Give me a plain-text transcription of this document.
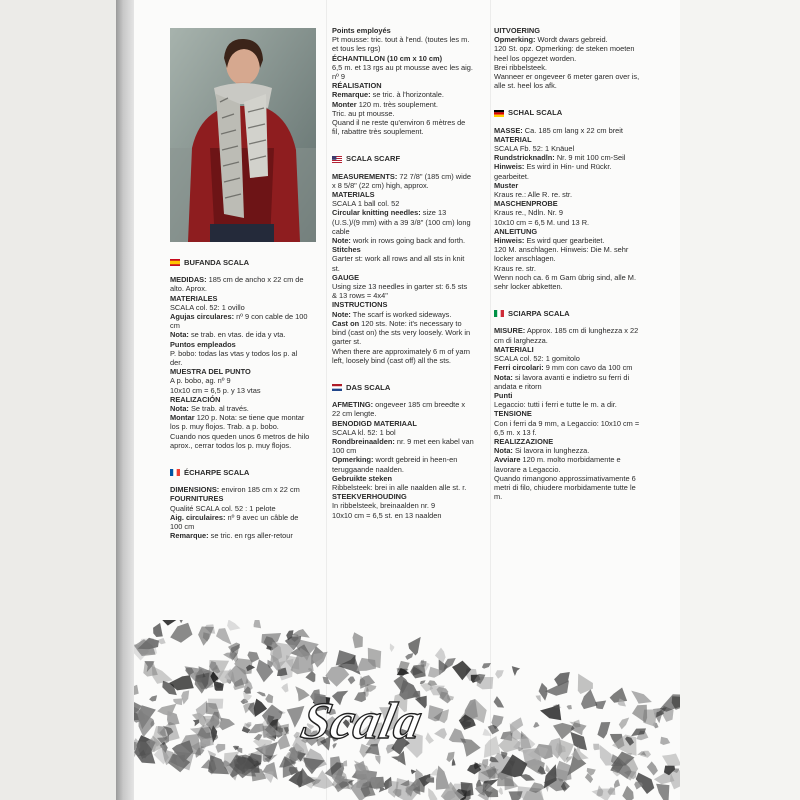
BUFANDA SCALA

MEDIDAS: 185 cm de ancho x 22 cm de alto. Aprox.

MATERIALES

SCALA col. 52: 1 ovillo

Agujas circulares: nº 9 con cable de 100 cm

Nota: se trab. en vtas. de ida y vta.

Puntos empleados

P. bobo: todas las vtas y todos los p. al der.

MUESTRA DEL PUNTO

A p. bobo, ag. nº 9

10x10 cm = 6,5 p. y 13 vtas

REALIZACIÓN

Nota: Se trab. al través.

Montar 120 p. Nota: se tiene que montar los p. muy flojos. Trab. a p. bobo.

Cuando nos queden unos 6 metros de hilo aprox., cerrar todos los p. muy flojos.

ÉCHARPE SCALA

DIMENSIONS: environ 185 cm x 22 cm

FOURNITURES

Qualité SCALA col. 52 : 1 pelote

Aig. circulaires: nº 9 avec un câble de 100 cm

Remarque: se tric. en rgs aller-retour

Points employés

Pt mousse: tric. tout à l'end. (toutes les m. et tous les rgs)

ÉCHANTILLON (10 cm x 10 cm)

6,5 m. et 13 rgs au pt mousse avec les aig. nº 9

RÉALISATION

Remarque: se tric. à l'horizontale.

Monter 120 m. très souplement.

Tric. au pt mousse.

Quand il ne reste qu'environ 6 mètres de fil, rabattre très souplement.

SCALA SCARF

MEASUREMENTS: 72 7/8" (185 cm) wide x 8 5/8" (22 cm) high, approx.

MATERIALS

SCALA 1 ball col. 52

Circular knitting needles: size 13 (U.S.)/(9 mm) with a 39 3/8" (100 cm) long cable

Note: work in rows going back and forth.

Stitches

Garter st: work all rows and all sts in knit st.

GAUGE

Using size 13 needles in garter st: 6.5 sts & 13 rows = 4x4"

INSTRUCTIONS

Note: The scarf is worked sideways.

Cast on 120 sts. Note: it's necessary to bind (cast on) the sts very loosely. Work in garter st.

When there are approximately 6 m of yarn left, loosely bind (cast off) all the sts.

DAS SCALA

AFMETING: ongeveer 185 cm breedte x 22 cm lengte.

BENODIGD MATERIAAL

SCALA kl. 52: 1 bol

Rondbreinaalden: nr. 9 met een kabel van 100 cm

Opmerking: wordt gebreid in heen-en teruggaande naalden.

Gebruikte steken

Ribbelsteek: brei in alle naalden alle st. r.

STEEKVERHOUDING

In ribbelsteek, breinaalden nr. 9

10x10 cm = 6,5 st. en 13 naalden

UITVOERING

Opmerking: Wordt dwars gebreid.

120 St. opz. Opmerking: de steken moeten heel los opgezet worden.

Brei ribbelsteek.

Wanneer er ongeveer 6 meter garen over is, alle st. heel los afk.

SCHAL SCALA

MASSE: Ca. 185 cm lang x 22 cm breit

MATERIAL

SCALA Fb. 52: 1 Knäuel

Rundstricknadln: Nr. 9 mit 100 cm-Seil

Hinweis: Es wird in Hin- und Rückr. gearbeitet.

Muster

Kraus re.: Alle R. re. str.

MASCHENPROBE

Kraus re., Ndln. Nr. 9

10x10 cm = 6,5 M. und 13 R.

ANLEITUNG

Hinweis: Es wird quer gearbeitet.

120 M. anschlagen. Hinweis: Die M. sehr locker anschlagen.

Kraus re. str.

Wenn noch ca. 6 m Garn übrig sind, alle M. sehr locker abketten.

SCIARPA SCALA

MISURE: Approx. 185 cm di lunghezza x 22 cm di larghezza.

MATERIALI

SCALA col. 52: 1 gomitolo

Ferri circolari: 9 mm con cavo da 100 cm

Nota: si lavora avanti e indietro su ferri di andata e ritorn

Punti

Legaccio: tutti i ferri e tutte le m. a dir.

TENSIONE

Con i ferri da 9 mm, a Legaccio: 10x10 cm = 6,5 m. x 13 f.

REALIZZAZIONE

Nota: Si lavora in lunghezza.

Avviare 120 m. molto morbidamente e lavorare a Legaccio.

Quando rimangono approssimativamente 6 metri di filo, chiudere morbidamente tutte le m.

Scala
